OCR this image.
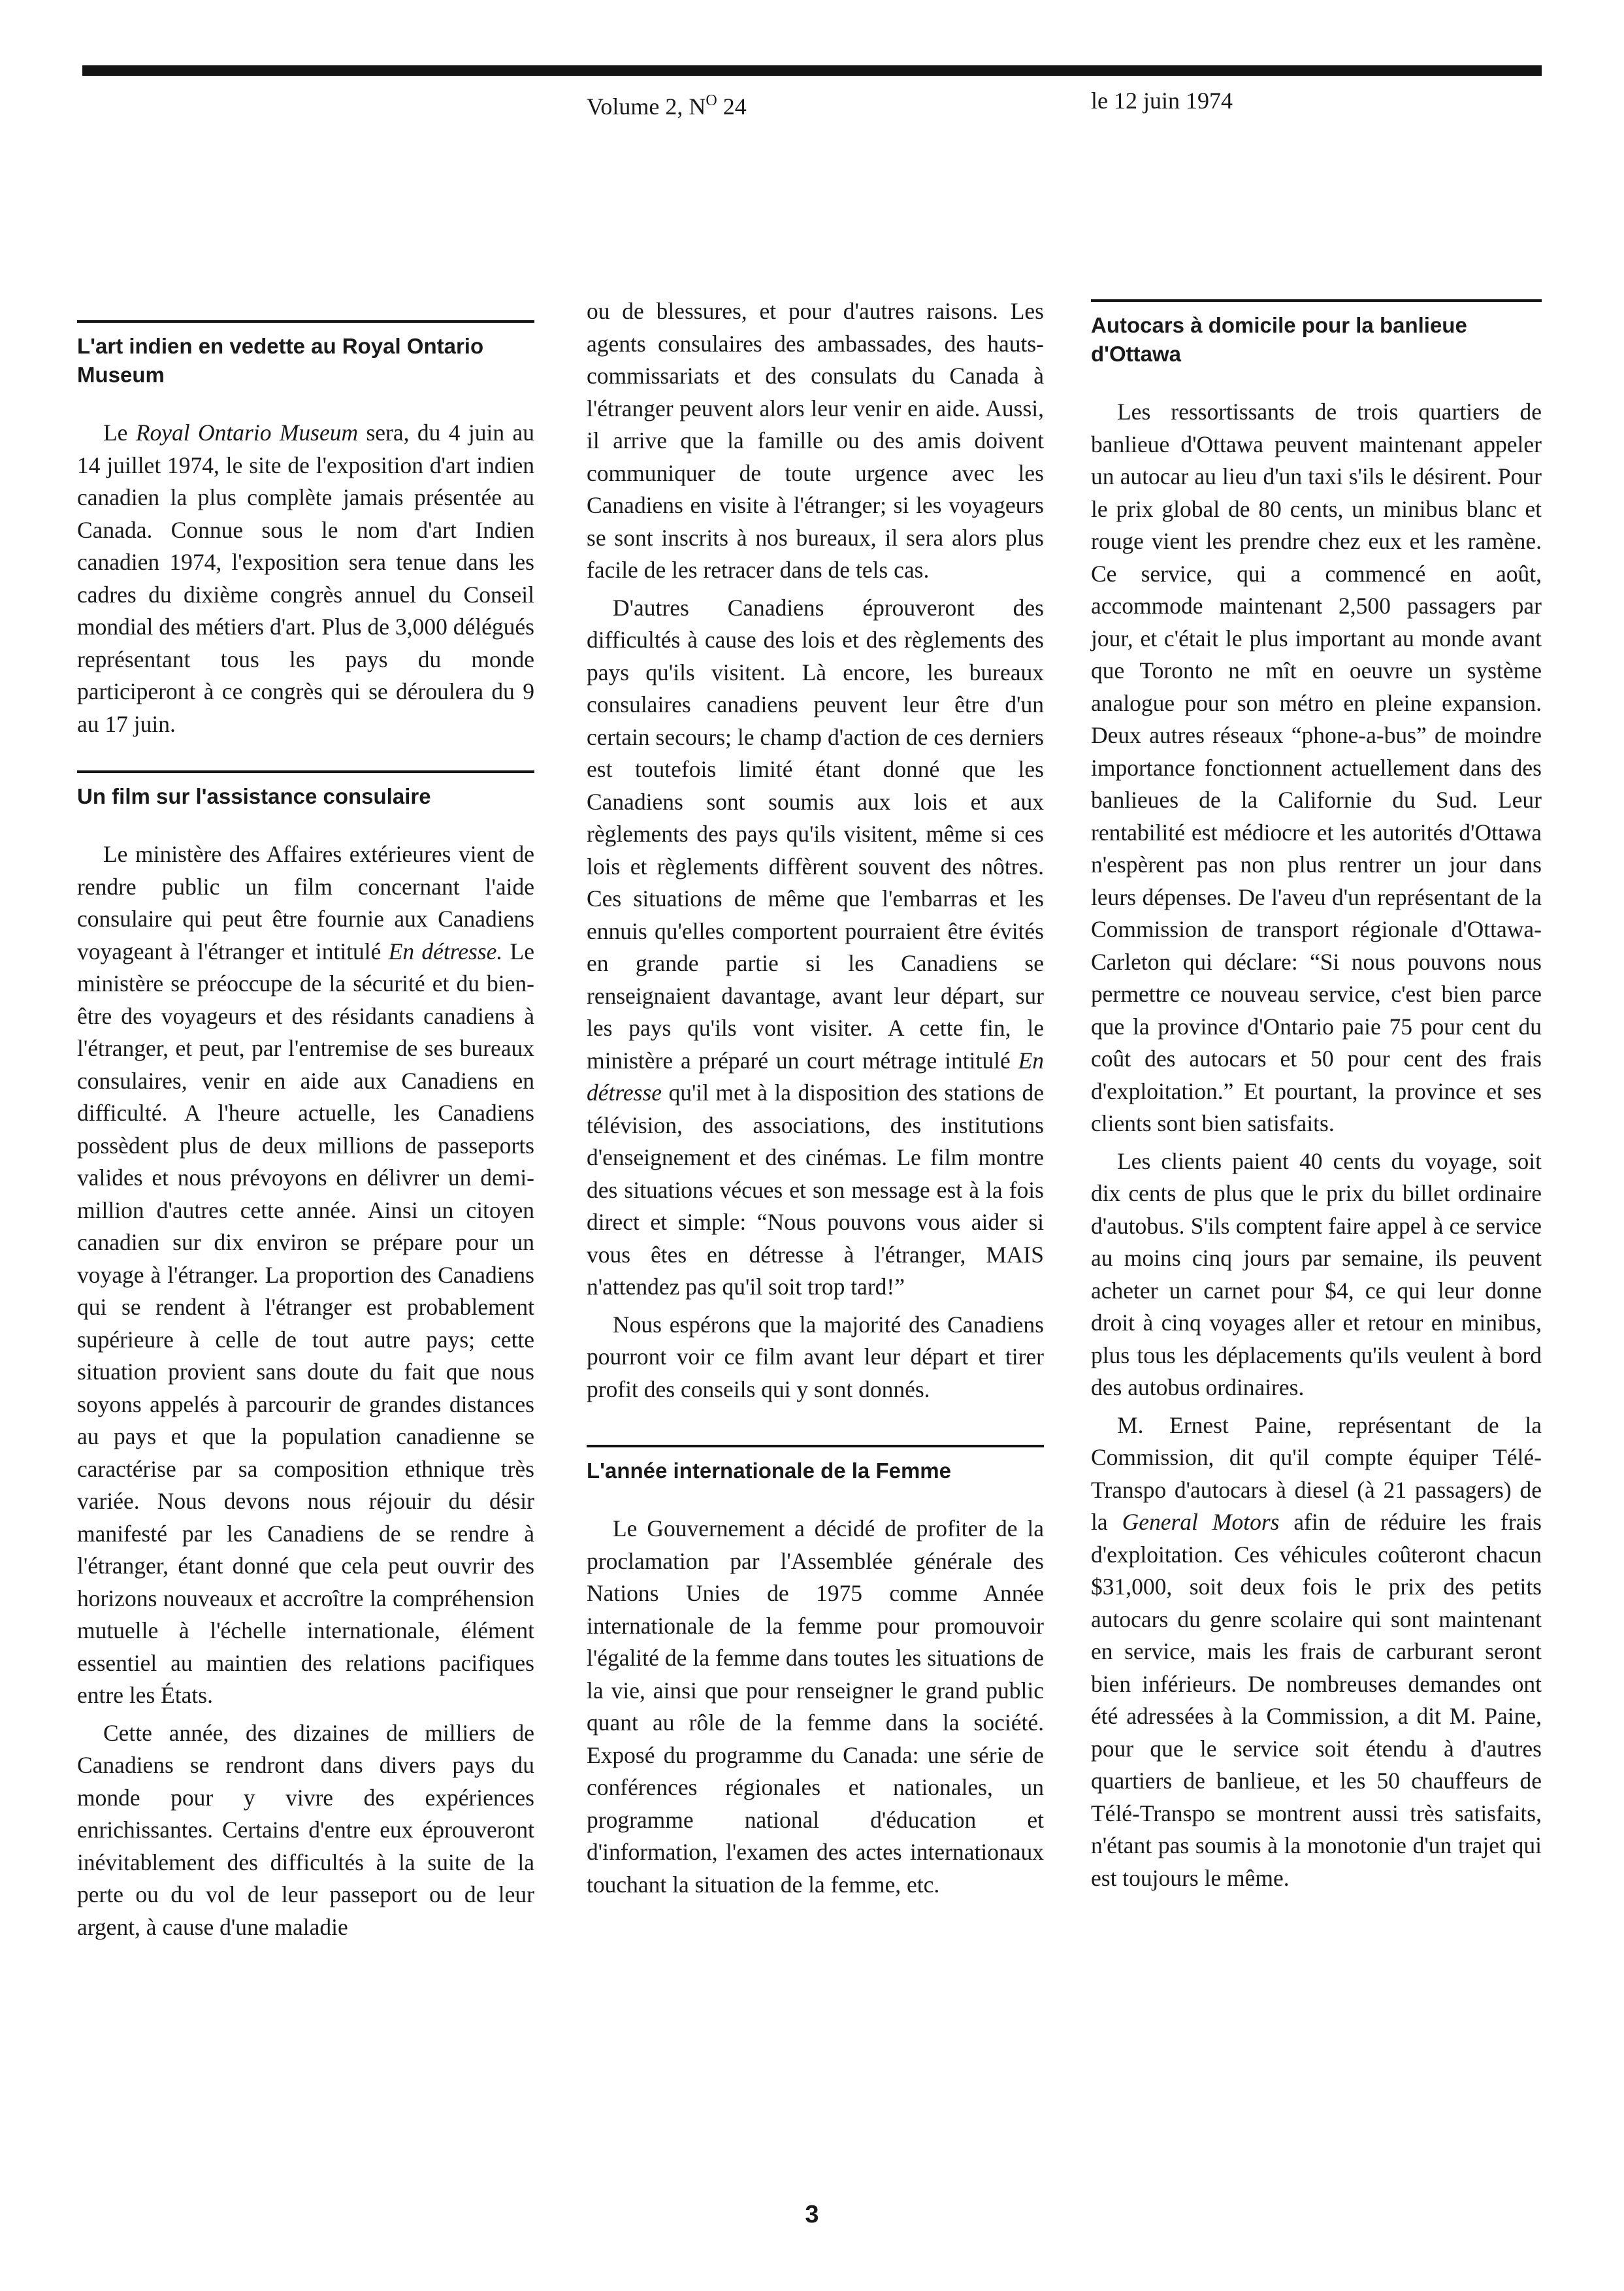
Volume 2, $N^O$ 24	le 12 juin 1974
L'art indien en vedette au Royal Ontario Museum

Le Royal Ontario Museum sera, du 4 juin au 14 juillet 1974, le site de l'exposition d'art indien canadien la plus complète jamais présentée au Canada. Connue sous le nom d'art Indien canadien 1974, l'exposition sera tenue dans les cadres du dixième congrès annuel du Conseil mondial des métiers d'art. Plus de 3,000 délégués représentant tous les pays du monde participeront à ce congrès qui se déroulera du 9 au 17 juin.

Un film sur l'assistance consulaire

Le ministère des Affaires extérieures vient de rendre public un film concernant l'aide consulaire qui peut être fournie aux Canadiens voyageant à l'étranger et intitulé En détresse. Le ministère se préoccupe de la sécurité et du bien-être des voyageurs et des résidants canadiens à l'étranger, et peut, par l'entremise de ses bureaux consulaires, venir en aide aux Canadiens en difficulté. A l'heure actuelle, les Canadiens possèdent plus de deux millions de passeports valides et nous prévoyons en délivrer un demi-million d'autres cette année. Ainsi un citoyen canadien sur dix environ se prépare pour un voyage à l'étranger. La proportion des Canadiens qui se rendent à l'étranger est probablement supérieure à celle de tout autre pays; cette situation provient sans doute du fait que nous soyons appelés à parcourir de grandes distances au pays et que la population canadienne se caractérise par sa composition ethnique très variée. Nous devons nous réjouir du désir manifesté par les Canadiens de se rendre à l'étranger, étant donné que cela peut ouvrir des horizons nouveaux et accroître la compréhension mutuelle à l'échelle internationale, élément essentiel au maintien des relations pacifiques entre les États.

Cette année, des dizaines de milliers de Canadiens se rendront dans divers pays du monde pour y vivre des expériences enrichissantes. Certains d'entre eux éprouveront inévitablement des difficultés à la suite de la perte ou du vol de leur passeport ou de leur argent, à cause d'une maladie

ou de blessures, et pour d'autres raisons. Les agents consulaires des ambassades, des hauts-commissariats et des consulats du Canada à l'étranger peuvent alors leur venir en aide. Aussi, il arrive que la famille ou des amis doivent communiquer de toute urgence avec les Canadiens en visite à l'étranger; si les voyageurs se sont inscrits à nos bureaux, il sera alors plus facile de les retracer dans de tels cas.

D'autres Canadiens éprouveront des difficultés à cause des lois et des règlements des pays qu'ils visitent. Là encore, les bureaux consulaires canadiens peuvent leur être d'un certain secours; le champ d'action de ces derniers est toutefois limité étant donné que les Canadiens sont soumis aux lois et aux règlements des pays qu'ils visitent, même si ces lois et règlements diffèrent souvent des nôtres. Ces situations de même que l'embarras et les ennuis qu'elles comportent pourraient être évités en grande partie si les Canadiens se renseignaient davantage, avant leur départ, sur les pays qu'ils vont visiter. A cette fin, le ministère a préparé un court métrage intitulé En détresse qu'il met à la disposition des stations de télévision, des associations, des institutions d'enseignement et des cinémas. Le film montre des situations vécues et son message est à la fois direct et simple: “Nous pouvons vous aider si vous êtes en détresse à l'étranger, MAIS n'attendez pas qu'il soit trop tard!”

Nous espérons que la majorité des Canadiens pourront voir ce film avant leur départ et tirer profit des conseils qui y sont donnés.

L'année internationale de la Femme

Le Gouvernement a décidé de profiter de la proclamation par l'Assemblée générale des Nations Unies de 1975 comme Année internationale de la femme pour promouvoir l'égalité de la femme dans toutes les situations de la vie, ainsi que pour renseigner le grand public quant au rôle de la femme dans la société. Exposé du programme du Canada: une série de conférences régionales et nationales, un programme national d'éducation et d'information, l'examen des actes internationaux touchant la situation de la femme, etc.

Autocars à domicile pour la banlieue d'Ottawa

Les ressortissants de trois quartiers de banlieue d'Ottawa peuvent maintenant appeler un autocar au lieu d'un taxi s'ils le désirent. Pour le prix global de 80 cents, un minibus blanc et rouge vient les prendre chez eux et les ramène. Ce service, qui a commencé en août, accommode maintenant 2,500 passagers par jour, et c'était le plus important au monde avant que Toronto ne mît en oeuvre un système analogue pour son métro en pleine expansion. Deux autres réseaux “phone-a-bus” de moindre importance fonctionnent actuellement dans des banlieues de la Californie du Sud. Leur rentabilité est médiocre et les autorités d'Ottawa n'espèrent pas non plus rentrer un jour dans leurs dépenses. De l'aveu d'un représentant de la Commission de transport régionale d'Ottawa-Carleton qui déclare: “Si nous pouvons nous permettre ce nouveau service, c'est bien parce que la province d'Ontario paie 75 pour cent du coût des autocars et 50 pour cent des frais d'exploitation.” Et pourtant, la province et ses clients sont bien satisfaits.

Les clients paient 40 cents du voyage, soit dix cents de plus que le prix du billet ordinaire d'autobus. S'ils comptent faire appel à ce service au moins cinq jours par semaine, ils peuvent acheter un carnet pour $4, ce qui leur donne droit à cinq voyages aller et retour en minibus, plus tous les déplacements qu'ils veulent à bord des autobus ordinaires.

M. Ernest Paine, représentant de la Commission, dit qu'il compte équiper Télé-Transpo d'autocars à diesel (à 21 passagers) de la General Motors afin de réduire les frais d'exploitation. Ces véhicules coûteront chacun $31,000, soit deux fois le prix des petits autocars du genre scolaire qui sont maintenant en service, mais les frais de carburant seront bien inférieurs. De nombreuses demandes ont été adressées à la Commission, a dit M. Paine, pour que le service soit étendu à d'autres quartiers de banlieue, et les 50 chauffeurs de Télé-Transpo se montrent aussi très satisfaits, n'étant pas soumis à la monotonie d'un trajet qui est toujours le même.

3
